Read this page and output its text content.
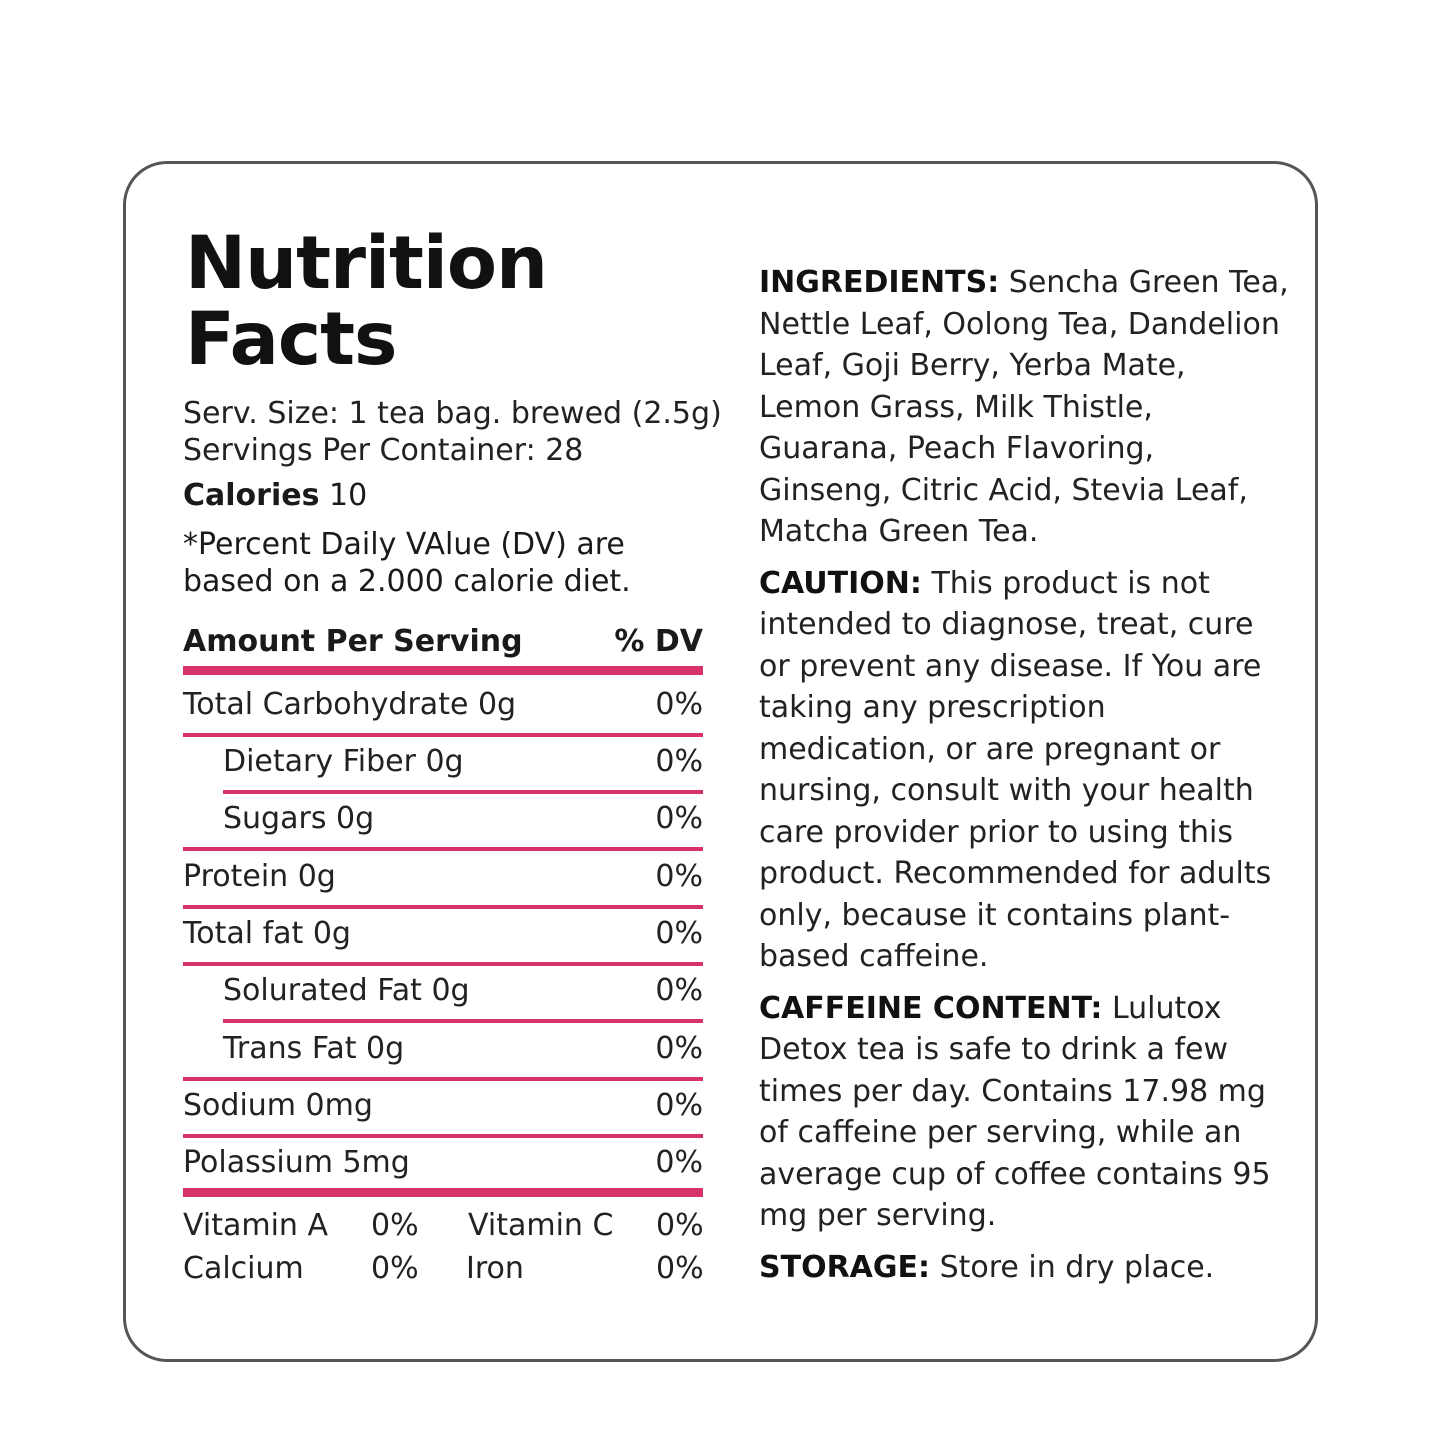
Nutrition
Facts
Serv. Size: 1 tea bag. brewed (2.5g)
Servings Per Container: 28
Calories 10
*Percent Daily VAlue (DV) are based on a 2.000 calorie diet.
Amount Per Serving	% DV
Total Carbohydrate 0g	0%
Dietary Fiber 0g	0%
Sugars 0g	0%
Protein 0g	0%
Total fat 0g	0%
Solurated Fat 0g	0%
Trans Fat 0g	0%
Sodium 0mg	0%
Polassium 5mg	0%
Vitamin A 0% Vitamin C 0%
Calcium 0% Iron	0%

INGREDIENTS: Sencha Green Tea, Nettle Leaf, Oolong Tea, Dandelion Leaf, Goji Berry, Yerba Mate, Lemon Grass, Milk Thistle, Guarana, Peach Flavoring, Ginseng, Citric Acid, Stevia Leaf, Matcha Green Tea.

CAUTION: This product is not intended to diagnose, treat, cure or prevent any disease. If You are taking any prescription medication, or are pregnant or nursing, consult with your health care provider prior to using this product. Recommended for adults only, because it contains plant-based caffeine.

CAFFEINE CONTENT: Lulutox Detox tea is safe to drink a few times per day. Contains 17.98 mg of caffeine per serving, while an average cup of coffee contains 95 mg per serving.

STORAGE: Store in dry place.
